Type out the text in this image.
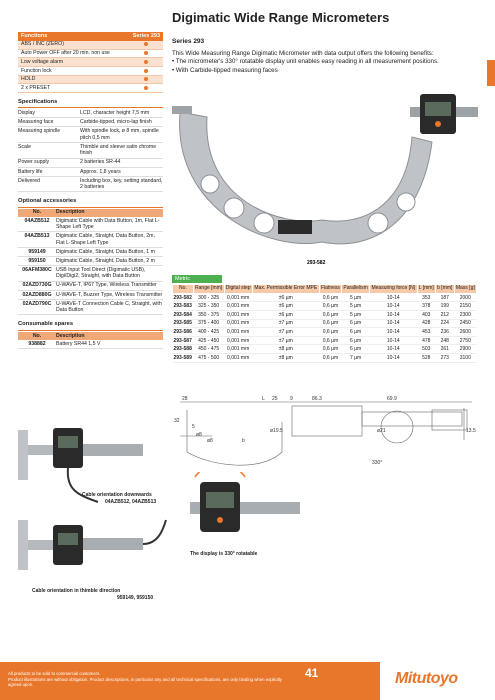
Digimatic Wide Range Micrometers
Series 293

This Wide Measuring Range Digimatic Micrometer with data output offers the following benefits:

• The micrometer's 330° rotatable display unit enables easy reading in all measurement positions.
• With Carbide-tipped measuring faces
Functions	Series 293
ABS / INC (ZERO)
Auto Power OFF after 20 min. non use
Low voltage alarm
Function lock
HOLD
2 x PRESET
Specifications
Display	LCD, character height 7,5 mm
Measuring face	Carbide-tipped, micro-lap finish
Measuring spindle	With spindle lock, ø 8 mm, spindle pitch 0,5 mm
Scale	Thimble and sleeve satin chrome finish
Power supply	2 batteries SR-44
Battery life	Approx. 1,8 years
Delivered	Including box, key, setting standard, 2 batteries
Optional accessories
No.	Description
04AZB512	Digimatic Cable with Data Button, 1m, Flat L-Shape Left Type
04AZB513	Digimatic Cable, Straight, Data Button, 2m, Flat L-Shape Left Type
959149	Digimatic Cable, Straight, Data Button, 1 m
959150	Digimatic Cable, Straight, Data Button, 2 m
06AFM380C USB Input Tool Direct (Digimatic USB), Digi/Digi2, Straight, with Data Button
02AZD730G U-WAVE-T, IP67 Type, Wireless Transmitter
02AZD880G U-WAVE-T, Buzzer Type, Wireless Transmitter
02AZD790C U-WAVE-T Connection Cable C, Straight, with Data Button
Consumable spares
No.	Description
938882	Battery SR44 1,5 V
293-582
Metric
No.	Range [mm]	Digital step	Max. Permissible Error MPE	Flatness	Parallelism	Measuring force [N]	L [mm]	b [mm]	Mass [g]
293-582	300 - 325	0,001 mm	±6 µm	0,6 µm	5 µm	10-14	353	187	2000
293-583	325 - 350	0,001 mm	±6 µm	0,6 µm	5 µm	10-14	378	199	2150
293-584	350 - 375	0,001 mm	±6 µm	0,6 µm	5 µm	10-14	403	212	2300
293-585	375 - 400	0,001 mm	±7 µm	0,6 µm	6 µm	10-14	428	224	2450
293-586	400 - 425	0,001 mm	±7 µm	0,6 µm	6 µm	10-14	453	236	2600
293-587	425 - 450	0,001 mm	±7 µm	0,6 µm	6 µm	10-14	478	248	2750
293-588	450 - 475	0,001 mm	±8 µm	0,6 µm	6 µm	10-14	503	261	2900
293-589	475 - 500	0,001 mm	±8 µm	0,6 µm	7 µm	10-14	528	273	3100
28	L 25 9	86.3	69.9
32
5
ø8
ø8	b
ø19.5	ø21	13.5
330°
Cable orientation downwards
04AZB512, 04AZB513
Cable orientation in thimble direction
959149, 959150
The display is 330° rotatable
All products to be sold to commercial customers.
Product illustrations are without obligation. Product descriptions, in particular any and all technical specifications, are only binding when explicitly agreed upon.
41	Mitutoyo
